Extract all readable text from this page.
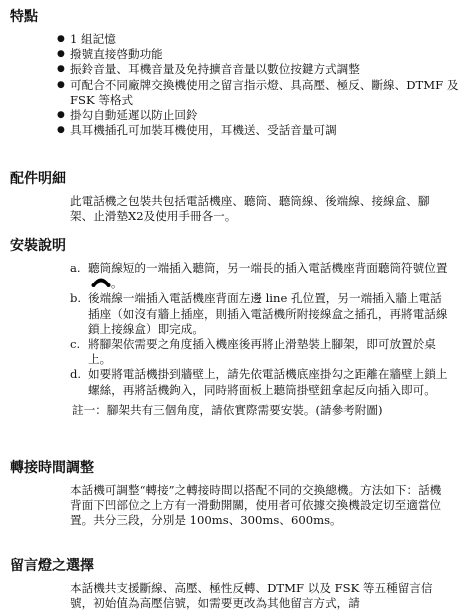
特點
● 1 組記憶
● 撥號直接啓動功能
● 振鈴音量、耳機音量及免持擴音音量以數位按鍵方式調整
● 可配合不同廠牌交換機使用之留言指示燈、具高壓、極反、斷線、DTMF 及 FSK 等格式
● 掛勾自動延遲以防止回鈴
● 具耳機插孔可加裝耳機使用，耳機送、受話音量可調
配件明細
此電話機之包裝共包括電話機座、聽筒、聽筒線、後端線、接線盒、腳架、止滑墊X2及使用手冊各一。
安裝說明
a. 聽筒線短的一端插入聽筒，另一端長的插入電話機座背面聽筒符號位置。
b. 後端線一端插入電話機座背面左邊 line 孔位置，另一端插入牆上電話插座（如沒有牆上插座，則插入電話機所附接線盒之插孔，再將電話線鎖上接線盒）即完成。
c. 將腳架依需要之角度插入機座後再將止滑墊裝上腳架，即可放置於桌上。
d. 如要將電話機掛到牆壁上，請先依電話機底座掛勾之距離在牆壁上鎖上螺絲，再將話機鉤入，同時將面板上聽筒掛壁鈕拿起反向插入即可。
註一：腳架共有三個角度，請依實際需要安裝。(請參考附圖)
轉接時間調整
本話機可調整“轉接”之轉接時間以搭配不同的交換總機。方法如下：話機背面下凹部位之上方有一滑動開關，使用者可依據交換機設定切至適當位置。共分三段，分別是 100ms、300ms、600ms。
留言燈之選擇
本話機共支援斷線、高壓、極性反轉、DTMF 以及 FSK 等五種留言信號，初始值為高壓信號，如需要更改為其他留言方式，請
